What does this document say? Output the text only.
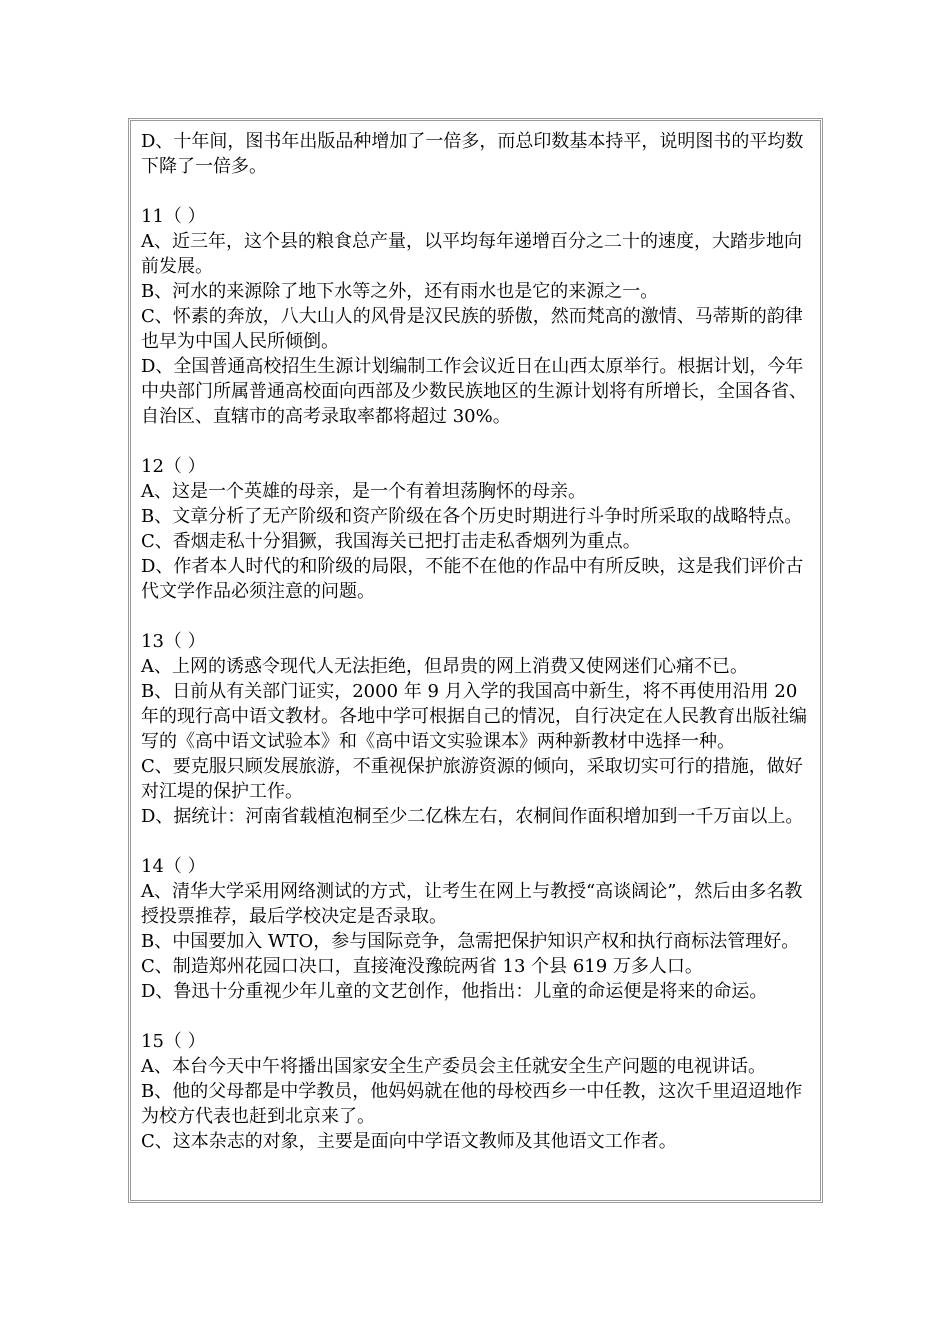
D、十年间，图书年出版品种增加了一倍多，而总印数基本持平，说明图书的平均数下降了一倍多。

11（ ）

A、近三年，这个县的粮食总产量，以平均每年递增百分之二十的速度，大踏步地向前发展。

B、河水的来源除了地下水等之外，还有雨水也是它的来源之一。

C、怀素的奔放，八大山人的风骨是汉民族的骄傲，然而梵高的激情、马蒂斯的韵律也早为中国人民所倾倒。

D、全国普通高校招生生源计划编制工作会议近日在山西太原举行。根据计划，今年中央部门所属普通高校面向西部及少数民族地区的生源计划将有所增长，全国各省、自治区、直辖市的高考录取率都将超过 30%。

12（ ）

A、这是一个英雄的母亲，是一个有着坦荡胸怀的母亲。

B、文章分析了无产阶级和资产阶级在各个历史时期进行斗争时所采取的战略特点。

C、香烟走私十分猖獗，我国海关已把打击走私香烟列为重点。

D、作者本人时代的和阶级的局限，不能不在他的作品中有所反映，这是我们评价古代文学作品必须注意的问题。

13（ ）

A、上网的诱惑令现代人无法拒绝，但昂贵的网上消费又使网迷们心痛不已。

B、日前从有关部门证实，2000 年 9 月入学的我国高中新生，将不再使用沿用 20 年的现行高中语文教材。各地中学可根据自己的情况，自行决定在人民教育出版社编写的《高中语文试验本》和《高中语文实验课本》两种新教材中选择一种。

C、要克服只顾发展旅游，不重视保护旅游资源的倾向，采取切实可行的措施，做好对江堤的保护工作。

D、据统计：河南省载植泡桐至少二亿株左右，农桐间作面积增加到一千万亩以上。

14（ ）

A、清华大学采用网络测试的方式，让考生在网上与教授“高谈阔论”，然后由多名教授投票推荐，最后学校决定是否录取。

B、中国要加入 WTO，参与国际竞争，急需把保护知识产权和执行商标法管理好。

C、制造郑州花园口决口，直接淹没豫皖两省 13 个县 619 万多人口。

D、鲁迅十分重视少年儿童的文艺创作，他指出：儿童的命运便是将来的命运。

15（ ）

A、本台今天中午将播出国家安全生产委员会主任就安全生产问题的电视讲话。

B、他的父母都是中学教员，他妈妈就在他的母校西乡一中任教，这次千里迢迢地作为校方代表也赶到北京来了。

C、这本杂志的对象，主要是面向中学语文教师及其他语文工作者。
